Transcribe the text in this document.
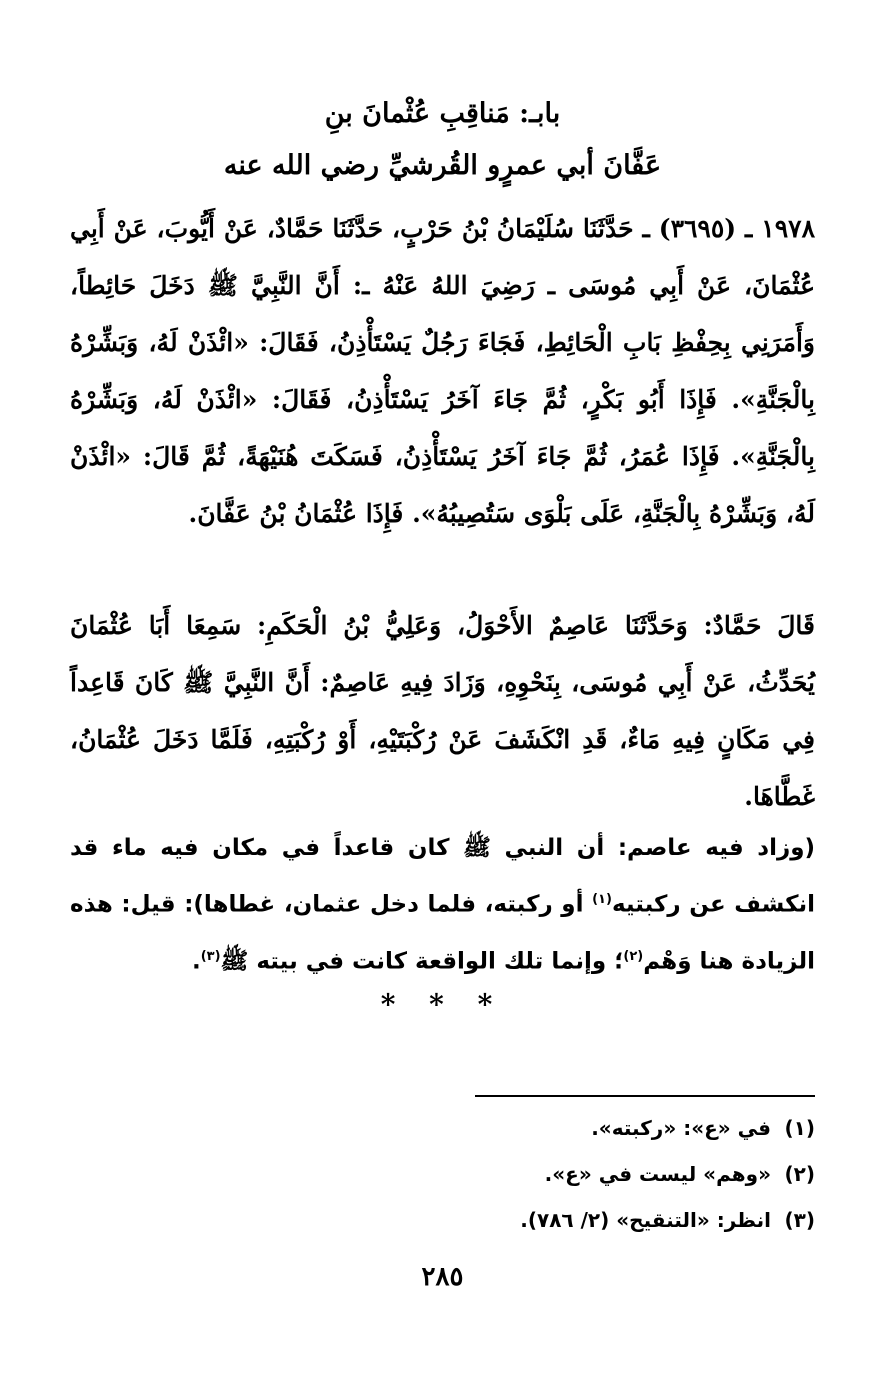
بابـ: مَناقِبِ عُثْمانَ بنِ
عَفَّانَ أبي عمرٍو القُرشيِّ رضي الله عنه
١٩٧٨ ـ (٣٦٩٥) ـ حَدَّثَنَا سُلَيْمَانُ بْنُ حَرْبٍ، حَدَّثَنَا حَمَّادٌ، عَنْ أَيُّوبَ، عَنْ أَبِي عُثْمَانَ، عَنْ أَبِي مُوسَى ـ رَضِيَ اللهُ عَنْهُ ـ: أَنَّ النَّبِيَّ ﷺ دَخَلَ حَائِطاً، وَأَمَرَنِي بِحِفْظِ بَابِ الْحَائِطِ، فَجَاءَ رَجُلٌ يَسْتَأْذِنُ، فَقَالَ: «ائْذَنْ لَهُ، وَبَشِّرْهُ بِالْجَنَّةِ». فَإِذَا أَبُو بَكْرٍ، ثُمَّ جَاءَ آخَرُ يَسْتَأْذِنُ، فَقَالَ: «ائْذَنْ لَهُ، وَبَشِّرْهُ بِالْجَنَّةِ». فَإِذَا عُمَرُ، ثُمَّ جَاءَ آخَرُ يَسْتَأْذِنُ، فَسَكَتَ هُنَيْهَةً، ثُمَّ قَالَ: «ائْذَنْ لَهُ، وَبَشِّرْهُ بِالْجَنَّةِ، عَلَى بَلْوَى سَتُصِيبُهُ». فَإِذَا عُثْمَانُ بْنُ عَفَّانَ.
قَالَ حَمَّادٌ: وَحَدَّثَنَا عَاصِمٌ الأَحْوَلُ، وَعَلِيُّ بْنُ الْحَكَمِ: سَمِعَا أَبَا عُثْمَانَ يُحَدِّثُ، عَنْ أَبِي مُوسَى، بِنَحْوِهِ، وَزَادَ فِيهِ عَاصِمٌ: أَنَّ النَّبِيَّ ﷺ كَانَ قَاعِداً فِي مَكَانٍ فِيهِ مَاءٌ، قَدِ انْكَشَفَ عَنْ رُكْبَتَيْهِ، أَوْ رُكْبَتِهِ، فَلَمَّا دَخَلَ عُثْمَانُ، غَطَّاهَا.
(وزاد فيه عاصم: أن النبي ﷺ كان قاعداً في مكان فيه ماء قد انكشف عن ركبتيه$^{(١)}$ أو ركبته، فلما دخل عثمان، غطاها): قيل: هذه الزيادة هنا وَهْم$^{(٢)}$؛ وإنما تلك الواقعة كانت في بيته ﷺ$^{(٣)}$.
* * *
(١)في «ع»: «ركبته».
(٢)«وهم» ليست في «ع».
(٣)انظر: «التنقيح» (٢/ ٧٨٦).
٢٨٥
